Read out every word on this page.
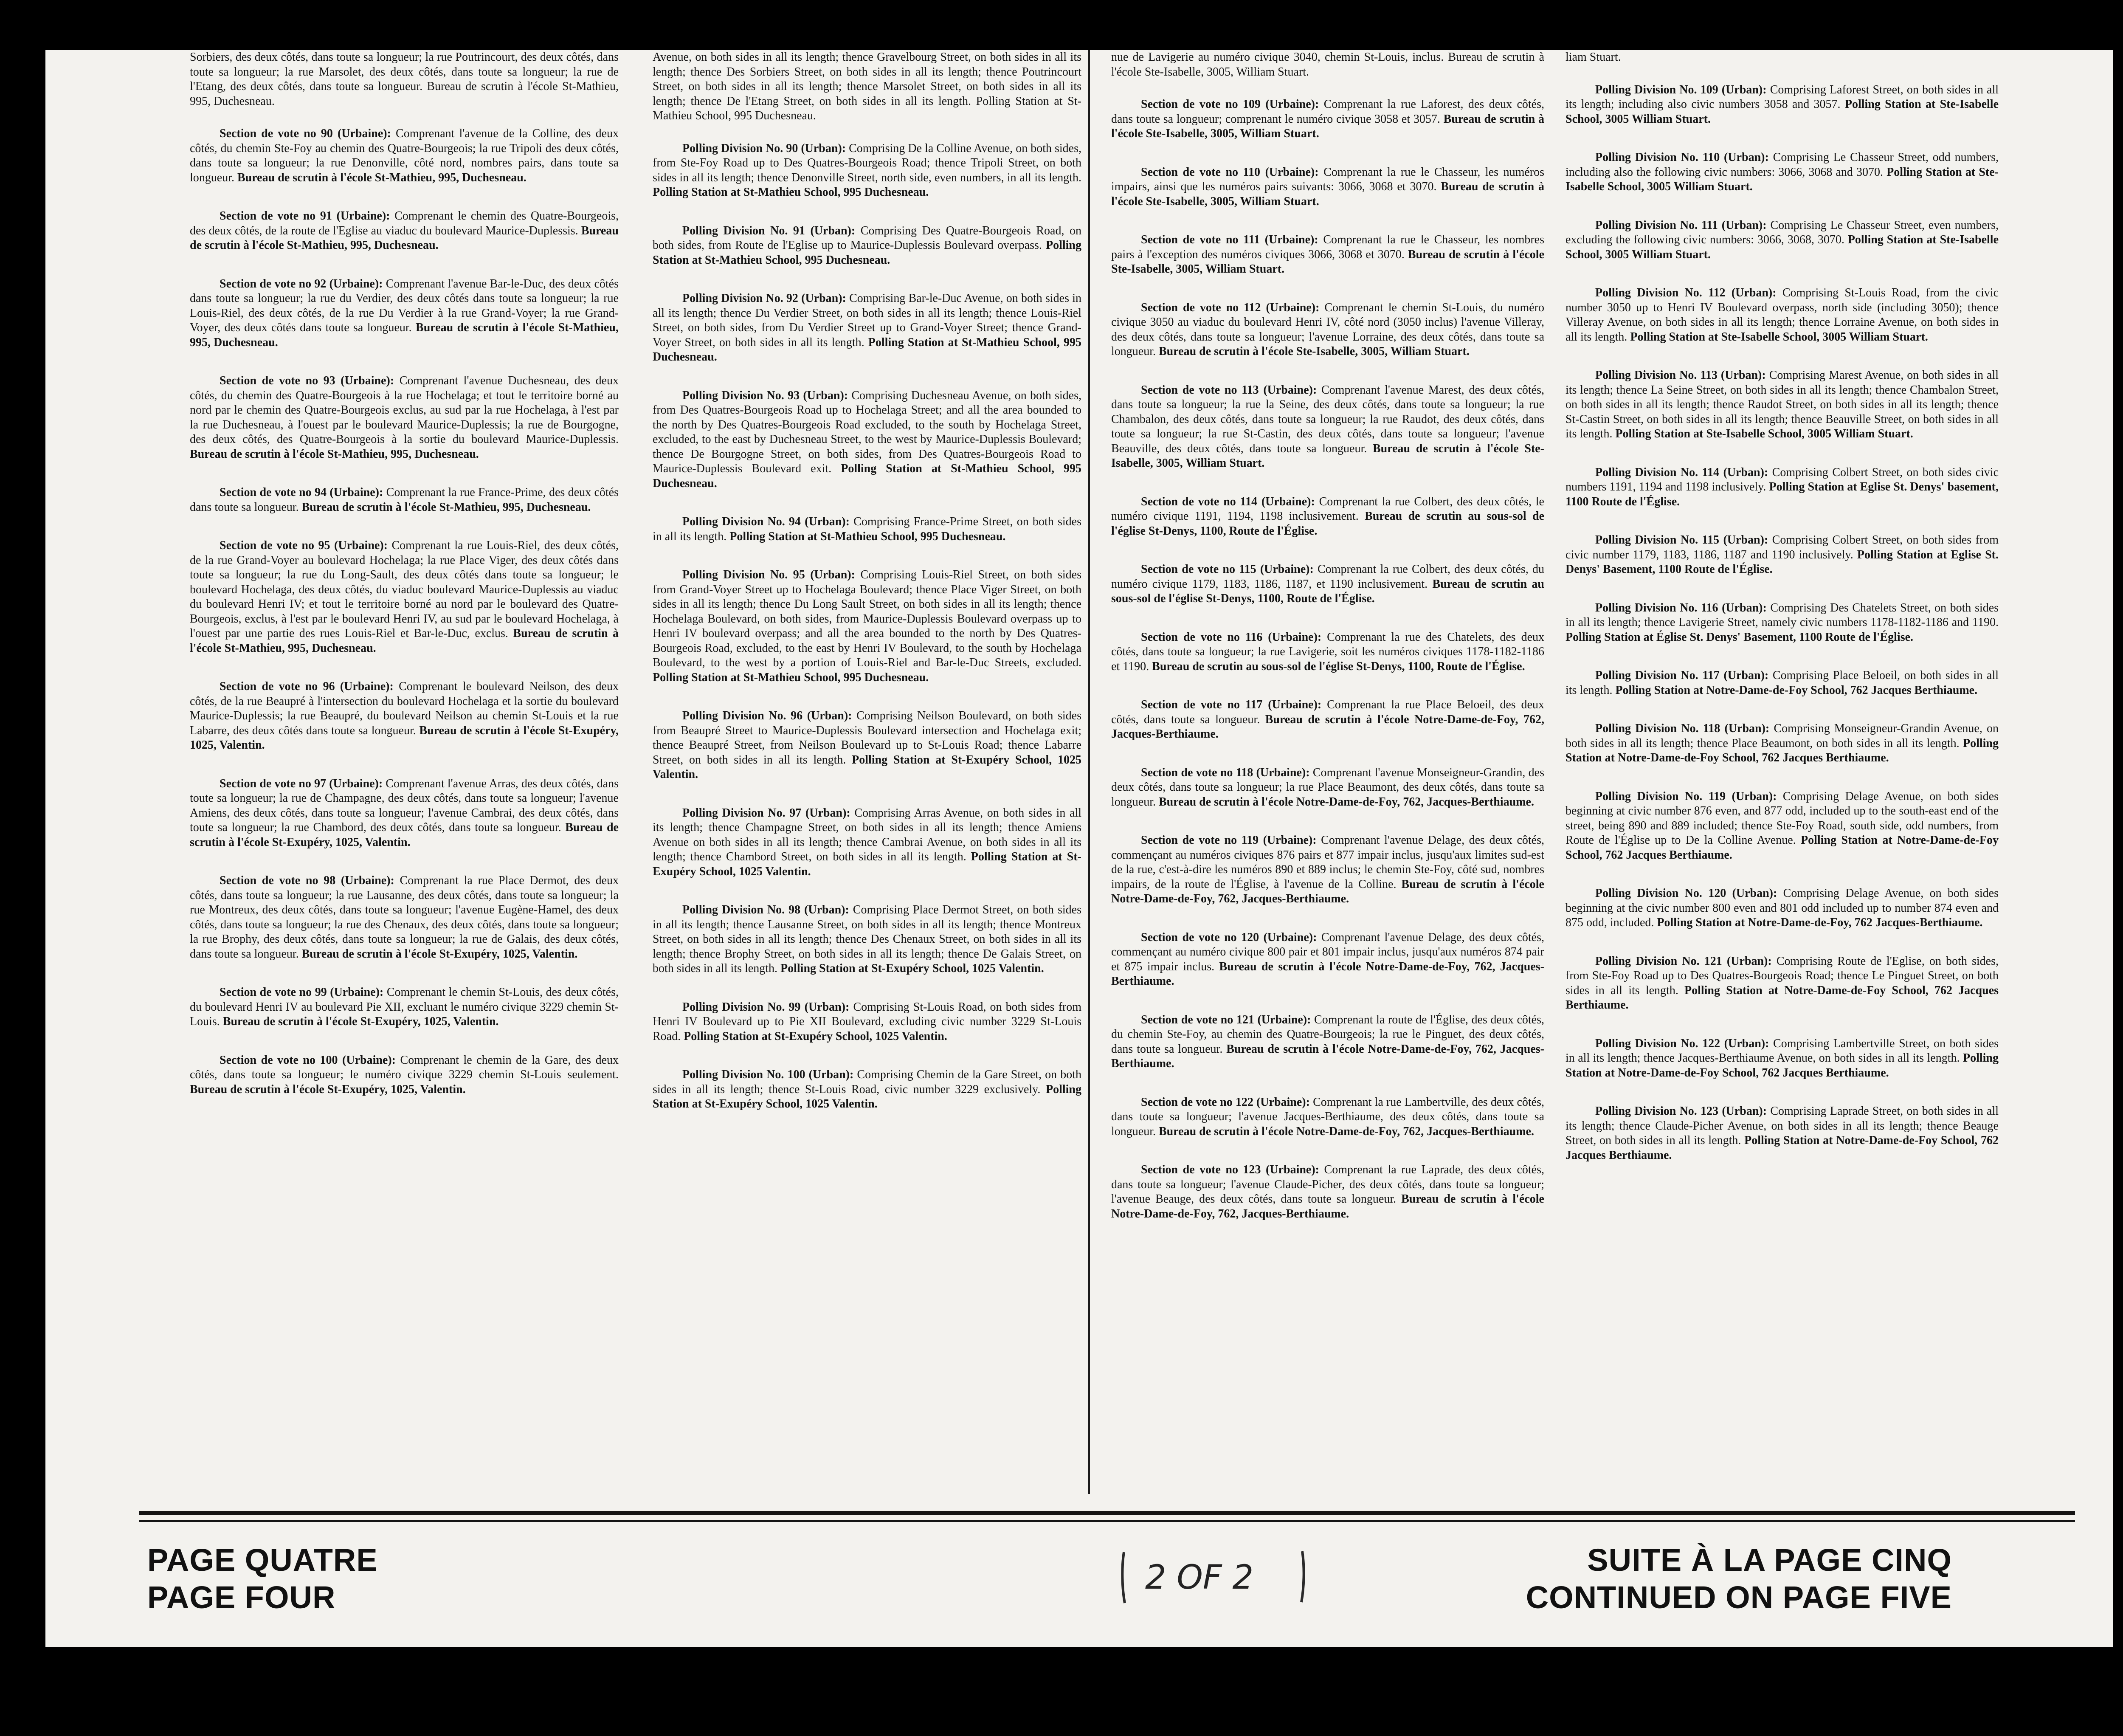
Sorbiers, des deux côtés, dans toute sa longueur; la rue Poutrincourt, des deux côtés, dans toute sa longueur; la rue Marsolet, des deux côtés, dans toute sa longueur; la rue de l'Etang, des deux côtés, dans toute sa longueur. Bureau de scrutin à l'école St-Mathieu, 995, Duchesneau.

Section de vote no 90 (Urbaine): Comprenant l'avenue de la Colline, des deux côtés, du chemin Ste-Foy au chemin des Quatre-Bourgeois; la rue Tripoli des deux côtés, dans toute sa longueur; la rue Denonville, côté nord, nombres pairs, dans toute sa longueur. Bureau de scrutin à l'école St-Mathieu, 995, Duchesneau.

Section de vote no 91 (Urbaine): Comprenant le chemin des Quatre-Bourgeois, des deux côtés, de la route de l'Eglise au viaduc du boulevard Maurice-Duplessis. Bureau de scrutin à l'école St-Mathieu, 995, Duchesneau.

Section de vote no 92 (Urbaine): Comprenant l'avenue Bar-le-Duc, des deux côtés dans toute sa longueur; la rue du Verdier, des deux côtés dans toute sa longueur; la rue Louis-Riel, des deux côtés, de la rue Du Verdier à la rue Grand-Voyer; la rue Grand-Voyer, des deux côtés dans toute sa longueur. Bureau de scrutin à l'école St-Mathieu, 995, Duchesneau.

Section de vote no 93 (Urbaine): Comprenant l'avenue Duchesneau, des deux côtés, du chemin des Quatre-Bourgeois à la rue Hochelaga; et tout le territoire borné au nord par le chemin des Quatre-Bourgeois exclus, au sud par la rue Hochelaga, à l'est par la rue Duchesneau, à l'ouest par le boulevard Maurice-Duplessis; la rue de Bourgogne, des deux côtés, des Quatre-Bourgeois à la sortie du boulevard Maurice-Duplessis. Bureau de scrutin à l'école St-Mathieu, 995, Duchesneau.

Section de vote no 94 (Urbaine): Comprenant la rue France-Prime, des deux côtés dans toute sa longueur. Bureau de scrutin à l'école St-Mathieu, 995, Duchesneau.

Section de vote no 95 (Urbaine): Comprenant la rue Louis-Riel, des deux côtés, de la rue Grand-Voyer au boulevard Hochelaga; la rue Place Viger, des deux côtés dans toute sa longueur; la rue du Long-Sault, des deux côtés dans toute sa longueur; le boulevard Hochelaga, des deux côtés, du viaduc boulevard Maurice-Duplessis au viaduc du boulevard Henri IV; et tout le territoire borné au nord par le boulevard des Quatre-Bourgeois, exclus, à l'est par le boulevard Henri IV, au sud par le boulevard Hochelaga, à l'ouest par une partie des rues Louis-Riel et Bar-le-Duc, exclus. Bureau de scrutin à l'école St-Mathieu, 995, Duchesneau.

Section de vote no 96 (Urbaine): Comprenant le boulevard Neilson, des deux côtés, de la rue Beaupré à l'intersection du boulevard Hochelaga et la sortie du boulevard Maurice-Duplessis; la rue Beaupré, du boulevard Neilson au chemin St-Louis et la rue Labarre, des deux côtés dans toute sa longueur. Bureau de scrutin à l'école St-Exupéry, 1025, Valentin.

Section de vote no 97 (Urbaine): Comprenant l'avenue Arras, des deux côtés, dans toute sa longueur; la rue de Champagne, des deux côtés, dans toute sa longueur; l'avenue Amiens, des deux côtés, dans toute sa longueur; l'avenue Cambrai, des deux côtés, dans toute sa longueur; la rue Chambord, des deux côtés, dans toute sa longueur. Bureau de scrutin à l'école St-Exupéry, 1025, Valentin.

Section de vote no 98 (Urbaine): Comprenant la rue Place Dermot, des deux côtés, dans toute sa longueur; la rue Lausanne, des deux côtés, dans toute sa longueur; la rue Montreux, des deux côtés, dans toute sa longueur; l'avenue Eugène-Hamel, des deux côtés, dans toute sa longueur; la rue des Chenaux, des deux côtés, dans toute sa longueur; la rue Brophy, des deux côtés, dans toute sa longueur; la rue de Galais, des deux côtés, dans toute sa longueur. Bureau de scrutin à l'école St-Exupéry, 1025, Valentin.

Section de vote no 99 (Urbaine): Comprenant le chemin St-Louis, des deux côtés, du boulevard Henri IV au boulevard Pie XII, excluant le numéro civique 3229 chemin St-Louis. Bureau de scrutin à l'école St-Exupéry, 1025, Valentin.

Section de vote no 100 (Urbaine): Comprenant le chemin de la Gare, des deux côtés, dans toute sa longueur; le numéro civique 3229 chemin St-Louis seulement. Bureau de scrutin à l'école St-Exupéry, 1025, Valentin.

Avenue, on both sides in all its length; thence Gravelbourg Street, on both sides in all its length; thence Des Sorbiers Street, on both sides in all its length; thence Poutrincourt Street, on both sides in all its length; thence Marsolet Street, on both sides in all its length; thence De l'Etang Street, on both sides in all its length. Polling Station at St-Mathieu School, 995 Duchesneau.

Polling Division No. 90 (Urban): Comprising De la Colline Avenue, on both sides, from Ste-Foy Road up to Des Quatres-Bourgeois Road; thence Tripoli Street, on both sides in all its length; thence Denonville Street, north side, even numbers, in all its length. Polling Station at St-Mathieu School, 995 Duchesneau.

Polling Division No. 91 (Urban): Comprising Des Quatre-Bourgeois Road, on both sides, from Route de l'Eglise up to Maurice-Duplessis Boulevard overpass. Polling Station at St-Mathieu School, 995 Duchesneau.

Polling Division No. 92 (Urban): Comprising Bar-le-Duc Avenue, on both sides in all its length; thence Du Verdier Street, on both sides in all its length; thence Louis-Riel Street, on both sides, from Du Verdier Street up to Grand-Voyer Street; thence Grand-Voyer Street, on both sides in all its length. Polling Station at St-Mathieu School, 995 Duchesneau.

Polling Division No. 93 (Urban): Comprising Duchesneau Avenue, on both sides, from Des Quatres-Bourgeois Road up to Hochelaga Street; and all the area bounded to the north by Des Quatres-Bourgeois Road excluded, to the south by Hochelaga Street, excluded, to the east by Duchesneau Street, to the west by Maurice-Duplessis Boulevard; thence De Bourgogne Street, on both sides, from Des Quatres-Bourgeois Road to Maurice-Duplessis Boulevard exit. Polling Station at St-Mathieu School, 995 Duchesneau.

Polling Division No. 94 (Urban): Comprising France-Prime Street, on both sides in all its length. Polling Station at St-Mathieu School, 995 Duchesneau.

Polling Division No. 95 (Urban): Comprising Louis-Riel Street, on both sides from Grand-Voyer Street up to Hochelaga Boulevard; thence Place Viger Street, on both sides in all its length; thence Du Long Sault Street, on both sides in all its length; thence Hochelaga Boulevard, on both sides, from Maurice-Duplessis Boulevard overpass up to Henri IV boulevard overpass; and all the area bounded to the north by Des Quatres-Bourgeois Road, excluded, to the east by Henri IV Boulevard, to the south by Hochelaga Boulevard, to the west by a portion of Louis-Riel and Bar-le-Duc Streets, excluded. Polling Station at St-Mathieu School, 995 Duchesneau.

Polling Division No. 96 (Urban): Comprising Neilson Boulevard, on both sides from Beaupré Street to Maurice-Duplessis Boulevard intersection and Hochelaga exit; thence Beaupré Street, from Neilson Boulevard up to St-Louis Road; thence Labarre Street, on both sides in all its length. Polling Station at St-Exupéry School, 1025 Valentin.

Polling Division No. 97 (Urban): Comprising Arras Avenue, on both sides in all its length; thence Champagne Street, on both sides in all its length; thence Amiens Avenue on both sides in all its length; thence Cambrai Avenue, on both sides in all its length; thence Chambord Street, on both sides in all its length. Polling Station at St-Exupéry School, 1025 Valentin.

Polling Division No. 98 (Urban): Comprising Place Dermot Street, on both sides in all its length; thence Lausanne Street, on both sides in all its length; thence Montreux Street, on both sides in all its length; thence Des Chenaux Street, on both sides in all its length; thence Brophy Street, on both sides in all its length; thence De Galais Street, on both sides in all its length. Polling Station at St-Exupéry School, 1025 Valentin.

Polling Division No. 99 (Urban): Comprising St-Louis Road, on both sides from Henri IV Boulevard up to Pie XII Boulevard, excluding civic number 3229 St-Louis Road. Polling Station at St-Exupéry School, 1025 Valentin.

Polling Division No. 100 (Urban): Comprising Chemin de la Gare Street, on both sides in all its length; thence St-Louis Road, civic number 3229 exclusively. Polling Station at St-Exupéry School, 1025 Valentin.

nue de Lavigerie au numéro civique 3040, chemin St-Louis, inclus. Bureau de scrutin à l'école Ste-Isabelle, 3005, William Stuart.

Section de vote no 109 (Urbaine): Comprenant la rue Laforest, des deux côtés, dans toute sa longueur; comprenant le numéro civique 3058 et 3057. Bureau de scrutin à l'école Ste-Isabelle, 3005, William Stuart.

Section de vote no 110 (Urbaine): Comprenant la rue le Chasseur, les numéros impairs, ainsi que les numéros pairs suivants: 3066, 3068 et 3070. Bureau de scrutin à l'école Ste-Isabelle, 3005, William Stuart.

Section de vote no 111 (Urbaine): Comprenant la rue le Chasseur, les nombres pairs à l'exception des numéros civiques 3066, 3068 et 3070. Bureau de scrutin à l'école Ste-Isabelle, 3005, William Stuart.

Section de vote no 112 (Urbaine): Comprenant le chemin St-Louis, du numéro civique 3050 au viaduc du boulevard Henri IV, côté nord (3050 inclus) l'avenue Villeray, des deux côtés, dans toute sa longueur; l'avenue Lorraine, des deux côtés, dans toute sa longueur. Bureau de scrutin à l'école Ste-Isabelle, 3005, William Stuart.

Section de vote no 113 (Urbaine): Comprenant l'avenue Marest, des deux côtés, dans toute sa longueur; la rue la Seine, des deux côtés, dans toute sa longueur; la rue Chambalon, des deux côtés, dans toute sa longueur; la rue Raudot, des deux côtés, dans toute sa longueur; la rue St-Castin, des deux côtés, dans toute sa longueur; l'avenue Beauville, des deux côtés, dans toute sa longueur. Bureau de scrutin à l'école Ste-Isabelle, 3005, William Stuart.

Section de vote no 114 (Urbaine): Comprenant la rue Colbert, des deux côtés, le numéro civique 1191, 1194, 1198 inclusivement. Bureau de scrutin au sous-sol de l'église St-Denys, 1100, Route de l'Église.

Section de vote no 115 (Urbaine): Comprenant la rue Colbert, des deux côtés, du numéro civique 1179, 1183, 1186, 1187, et 1190 inclusivement. Bureau de scrutin au sous-sol de l'église St-Denys, 1100, Route de l'Église.

Section de vote no 116 (Urbaine): Comprenant la rue des Chatelets, des deux côtés, dans toute sa longueur; la rue Lavigerie, soit les numéros civiques 1178-1182-1186 et 1190. Bureau de scrutin au sous-sol de l'église St-Denys, 1100, Route de l'Église.

Section de vote no 117 (Urbaine): Comprenant la rue Place Beloeil, des deux côtés, dans toute sa longueur. Bureau de scrutin à l'école Notre-Dame-de-Foy, 762, Jacques-Berthiaume.

Section de vote no 118 (Urbaine): Comprenant l'avenue Monseigneur-Grandin, des deux côtés, dans toute sa longueur; la rue Place Beaumont, des deux côtés, dans toute sa longueur. Bureau de scrutin à l'école Notre-Dame-de-Foy, 762, Jacques-Berthiaume.

Section de vote no 119 (Urbaine): Comprenant l'avenue Delage, des deux côtés, commençant au numéros civiques 876 pairs et 877 impair inclus, jusqu'aux limites sud-est de la rue, c'est-à-dire les numéros 890 et 889 inclus; le chemin Ste-Foy, côté sud, nombres impairs, de la route de l'Église, à l'avenue de la Colline. Bureau de scrutin à l'école Notre-Dame-de-Foy, 762, Jacques-Berthiaume.

Section de vote no 120 (Urbaine): Comprenant l'avenue Delage, des deux côtés, commençant au numéro civique 800 pair et 801 impair inclus, jusqu'aux numéros 874 pair et 875 impair inclus. Bureau de scrutin à l'école Notre-Dame-de-Foy, 762, Jacques-Berthiaume.

Section de vote no 121 (Urbaine): Comprenant la route de l'Église, des deux côtés, du chemin Ste-Foy, au chemin des Quatre-Bourgeois; la rue le Pinguet, des deux côtés, dans toute sa longueur. Bureau de scrutin à l'école Notre-Dame-de-Foy, 762, Jacques-Berthiaume.

Section de vote no 122 (Urbaine): Comprenant la rue Lambertville, des deux côtés, dans toute sa longueur; l'avenue Jacques-Berthiaume, des deux côtés, dans toute sa longueur. Bureau de scrutin à l'école Notre-Dame-de-Foy, 762, Jacques-Berthiaume.

Section de vote no 123 (Urbaine): Comprenant la rue Laprade, des deux côtés, dans toute sa longueur; l'avenue Claude-Picher, des deux côtés, dans toute sa longueur; l'avenue Beauge, des deux côtés, dans toute sa longueur. Bureau de scrutin à l'école Notre-Dame-de-Foy, 762, Jacques-Berthiaume.

liam Stuart.

Polling Division No. 109 (Urban): Comprising Laforest Street, on both sides in all its length; including also civic numbers 3058 and 3057. Polling Station at Ste-Isabelle School, 3005 William Stuart.

Polling Division No. 110 (Urban): Comprising Le Chasseur Street, odd numbers, including also the following civic numbers: 3066, 3068 and 3070. Polling Station at Ste-Isabelle School, 3005 William Stuart.

Polling Division No. 111 (Urban): Comprising Le Chasseur Street, even numbers, excluding the following civic numbers: 3066, 3068, 3070. Polling Station at Ste-Isabelle School, 3005 William Stuart.

Polling Division No. 112 (Urban): Comprising St-Louis Road, from the civic number 3050 up to Henri IV Boulevard overpass, north side (including 3050); thence Villeray Avenue, on both sides in all its length; thence Lorraine Avenue, on both sides in all its length. Polling Station at Ste-Isabelle School, 3005 William Stuart.

Polling Division No. 113 (Urban): Comprising Marest Avenue, on both sides in all its length; thence La Seine Street, on both sides in all its length; thence Chambalon Street, on both sides in all its length; thence Raudot Street, on both sides in all its length; thence St-Castin Street, on both sides in all its length; thence Beauville Street, on both sides in all its length. Polling Station at Ste-Isabelle School, 3005 William Stuart.

Polling Division No. 114 (Urban): Comprising Colbert Street, on both sides civic numbers 1191, 1194 and 1198 inclusively. Polling Station at Eglise St. Denys' basement, 1100 Route de l'Église.

Polling Division No. 115 (Urban): Comprising Colbert Street, on both sides from civic number 1179, 1183, 1186, 1187 and 1190 inclusively. Polling Station at Eglise St. Denys' Basement, 1100 Route de l'Église.

Polling Division No. 116 (Urban): Comprising Des Chatelets Street, on both sides in all its length; thence Lavigerie Street, namely civic numbers 1178-1182-1186 and 1190. Polling Station at Église St. Denys' Basement, 1100 Route de l'Église.

Polling Division No. 117 (Urban): Comprising Place Beloeil, on both sides in all its length. Polling Station at Notre-Dame-de-Foy School, 762 Jacques Berthiaume.

Polling Division No. 118 (Urban): Comprising Monseigneur-Grandin Avenue, on both sides in all its length; thence Place Beaumont, on both sides in all its length. Polling Station at Notre-Dame-de-Foy School, 762 Jacques Berthiaume.

Polling Division No. 119 (Urban): Comprising Delage Avenue, on both sides beginning at civic number 876 even, and 877 odd, included up to the south-east end of the street, being 890 and 889 included; thence Ste-Foy Road, south side, odd numbers, from Route de l'Église up to De la Colline Avenue. Polling Station at Notre-Dame-de-Foy School, 762 Jacques Berthiaume.

Polling Division No. 120 (Urban): Comprising Delage Avenue, on both sides beginning at the civic number 800 even and 801 odd included up to number 874 even and 875 odd, included. Polling Station at Notre-Dame-de-Foy, 762 Jacques-Berthiaume.

Polling Division No. 121 (Urban): Comprising Route de l'Eglise, on both sides, from Ste-Foy Road up to Des Quatres-Bourgeois Road; thence Le Pinguet Street, on both sides in all its length. Polling Station at Notre-Dame-de-Foy School, 762 Jacques Berthiaume.

Polling Division No. 122 (Urban): Comprising Lambertville Street, on both sides in all its length; thence Jacques-Berthiaume Avenue, on both sides in all its length. Polling Station at Notre-Dame-de-Foy School, 762 Jacques Berthiaume.

Polling Division No. 123 (Urban): Comprising Laprade Street, on both sides in all its length; thence Claude-Picher Avenue, on both sides in all its length; thence Beauge Street, on both sides in all its length. Polling Station at Notre-Dame-de-Foy School, 762 Jacques Berthiaume.

PAGE QUATRE
PAGE FOUR
2 OF 2	SUITE À LA PAGE CINQ
CONTINUED ON PAGE FIVE
